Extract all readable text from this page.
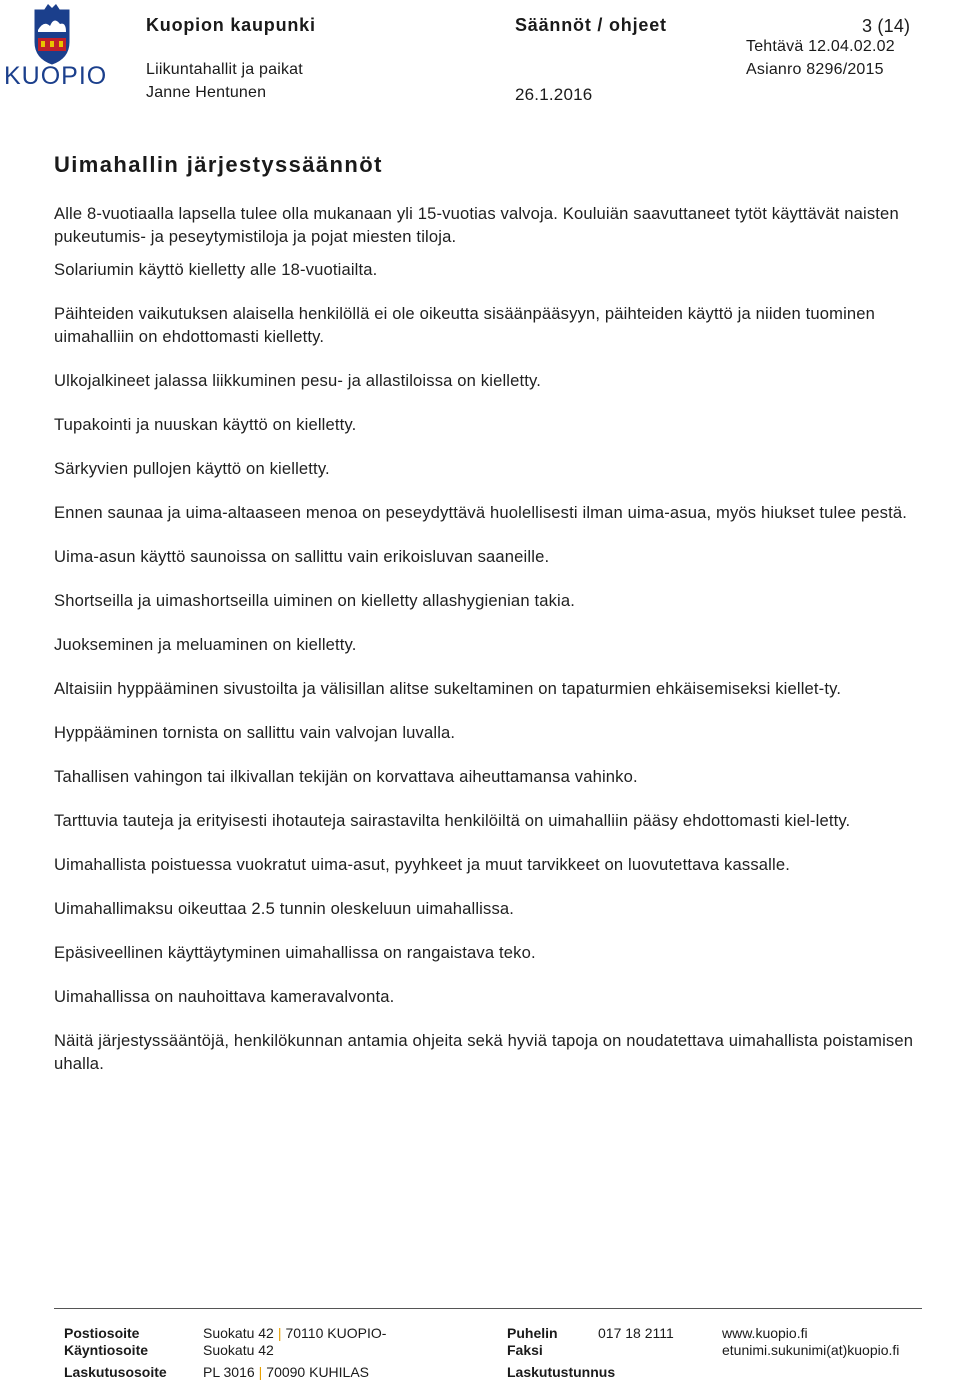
KUOPIO
Kuopion kaupunki	Säännöt / ohjeet	3 (14)
Tehtävä 12.04.02.02
Liikuntahallit ja paikat	Asianro 8296/2015
Janne Hentunen	26.1.2016
Uimahallin järjestyssäännöt

Alle 8-vuotiaalla lapsella tulee olla mukanaan yli 15-vuotias valvoja. Kouluiän saavuttaneet tytöt käyttävät naisten pukeutumis- ja peseytymistiloja ja pojat miesten tiloja.

Solariumin käyttö kielletty alle 18-vuotiailta.

Päihteiden vaikutuksen alaisella henkilöllä ei ole oikeutta sisäänpääsyyn, päihteiden käyttö ja niiden tuominen uimahalliin on ehdottomasti kielletty.

Ulkojalkineet jalassa liikkuminen pesu- ja allastiloissa on kielletty.

Tupakointi ja nuuskan käyttö on kielletty.

Särkyvien pullojen käyttö on kielletty.

Ennen saunaa ja uima-altaaseen menoa on peseydyttävä huolellisesti ilman uima-asua, myös hiukset tulee pestä.

Uima-asun käyttö saunoissa on sallittu vain erikoisluvan saaneille.

Shortseilla ja uimashortseilla uiminen on kielletty allashygienian takia.

Juokseminen ja meluaminen on kielletty.

Altaisiin hyppääminen sivustoilta ja välisillan alitse sukeltaminen on tapaturmien ehkäisemiseksi kiellet-ty.

Hyppääminen tornista on sallittu vain valvojan luvalla.

Tahallisen vahingon tai ilkivallan tekijän on korvattava aiheuttamansa vahinko.

Tarttuvia tauteja ja erityisesti ihotauteja sairastavilta henkilöiltä on uimahalliin pääsy ehdottomasti kiel-letty.

Uimahallista poistuessa vuokratut uima-asut, pyyhkeet ja muut tarvikkeet on luovutettava kassalle.

Uimahallimaksu oikeuttaa 2.5 tunnin oleskeluun uimahallissa.

Epäsiveellinen käyttäytyminen uimahallissa on rangaistava teko.

Uimahallissa on nauhoittava kameravalvonta.

Näitä järjestyssääntöjä, henkilökunnan antamia ohjeita sekä hyviä tapoja on noudatettava uimahallista poistamisen uhalla.

Postiosoite	Suokatu 42 | 70110 KUOPIO-	Puhelin	017 18 2111	www.kuopio.fi
Käyntiosoite	Suokatu 42	Faksi	etunimi.sukunimi(at)kuopio.fi
Laskutusosoite	PL 3016 | 70090 KUHILAS	Laskutustunnus
